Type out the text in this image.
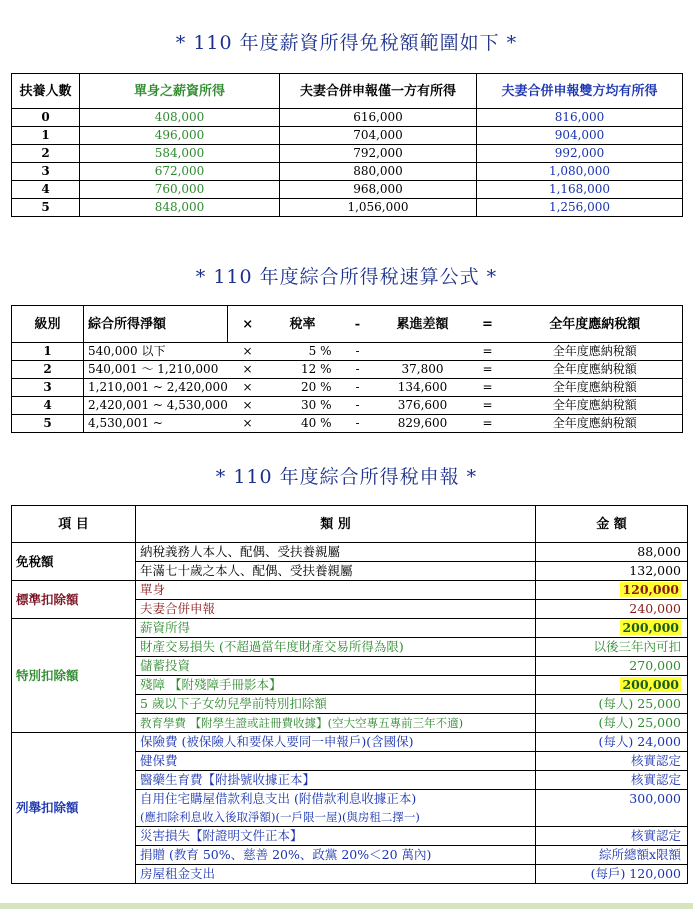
* 110 年度薪資所得免稅額範圍如下 *
扶養人數	單身之薪資所得	夫妻合併申報僅一方有所得	夫妻合併申報雙方均有所得
0	408,000	616,000	816,000
1	496,000	704,000	904,000
2	584,000	792,000	992,000
3	672,000	880,000	1,080,000
4	760,000	968,000	1,168,000
5	848,000	1,056,000	1,256,000
* 110 年度綜合所得稅速算公式 *
級別	綜合所得淨額	×	稅率	-	累進差額	=	全年度應納稅額
1	540,000 以下	×	5 %	-		=	全年度應納稅額
2	540,001 ～ 1,210,000	×	12 %	-	37,800	=	全年度應納稅額
3	1,210,001 ~ 2,420,000	×	20 %	-	134,600	=	全年度應納稅額
4	2,420,001 ~ 4,530,000	×	30 %	-	376,600	=	全年度應納稅額
5	4,530,001 ~	×	40 %	-	829,600	=	全年度應納稅額
* 110 年度綜合所得稅申報 *
項 目	類 別	金 額
免稅額	納稅義務人本人、配偶、受扶養親屬	88,000
	年滿七十歲之本人、配偶、受扶養親屬	132,000
標準扣除額	單身	120,000
	夫妻合併申報	240,000
特別扣除額	薪資所得	200,000
	財產交易損失 (不超過當年度財產交易所得為限)	以後三年內可扣
	儲蓄投資	270,000
	殘障 【附殘障手冊影本】	200,000
	5 歲以下子女幼兒學前特別扣除額	(每人) 25,000
	教育學費 【附學生證或註冊費收據】(空大空專五專前三年不適)	(每人) 25,000
列舉扣除額	保險費 (被保險人和要保人要同一申報戶)(含國保)	(每人) 24,000
	健保費	核實認定
	醫藥生育費【附掛號收據正本】	核實認定
	自用住宅購屋借款利息支出 (附借款利息收據正本)	300,000
	(應扣除利息收入後取淨額)(一戶限一屋)(與房租二擇一)	
	災害損失【附證明文件正本】	核實認定
	捐贈 (教育 50%、慈善 20%、政黨 20%＜20 萬內)	綜所總額x限額
	房屋租金支出	(每戶) 120,000
